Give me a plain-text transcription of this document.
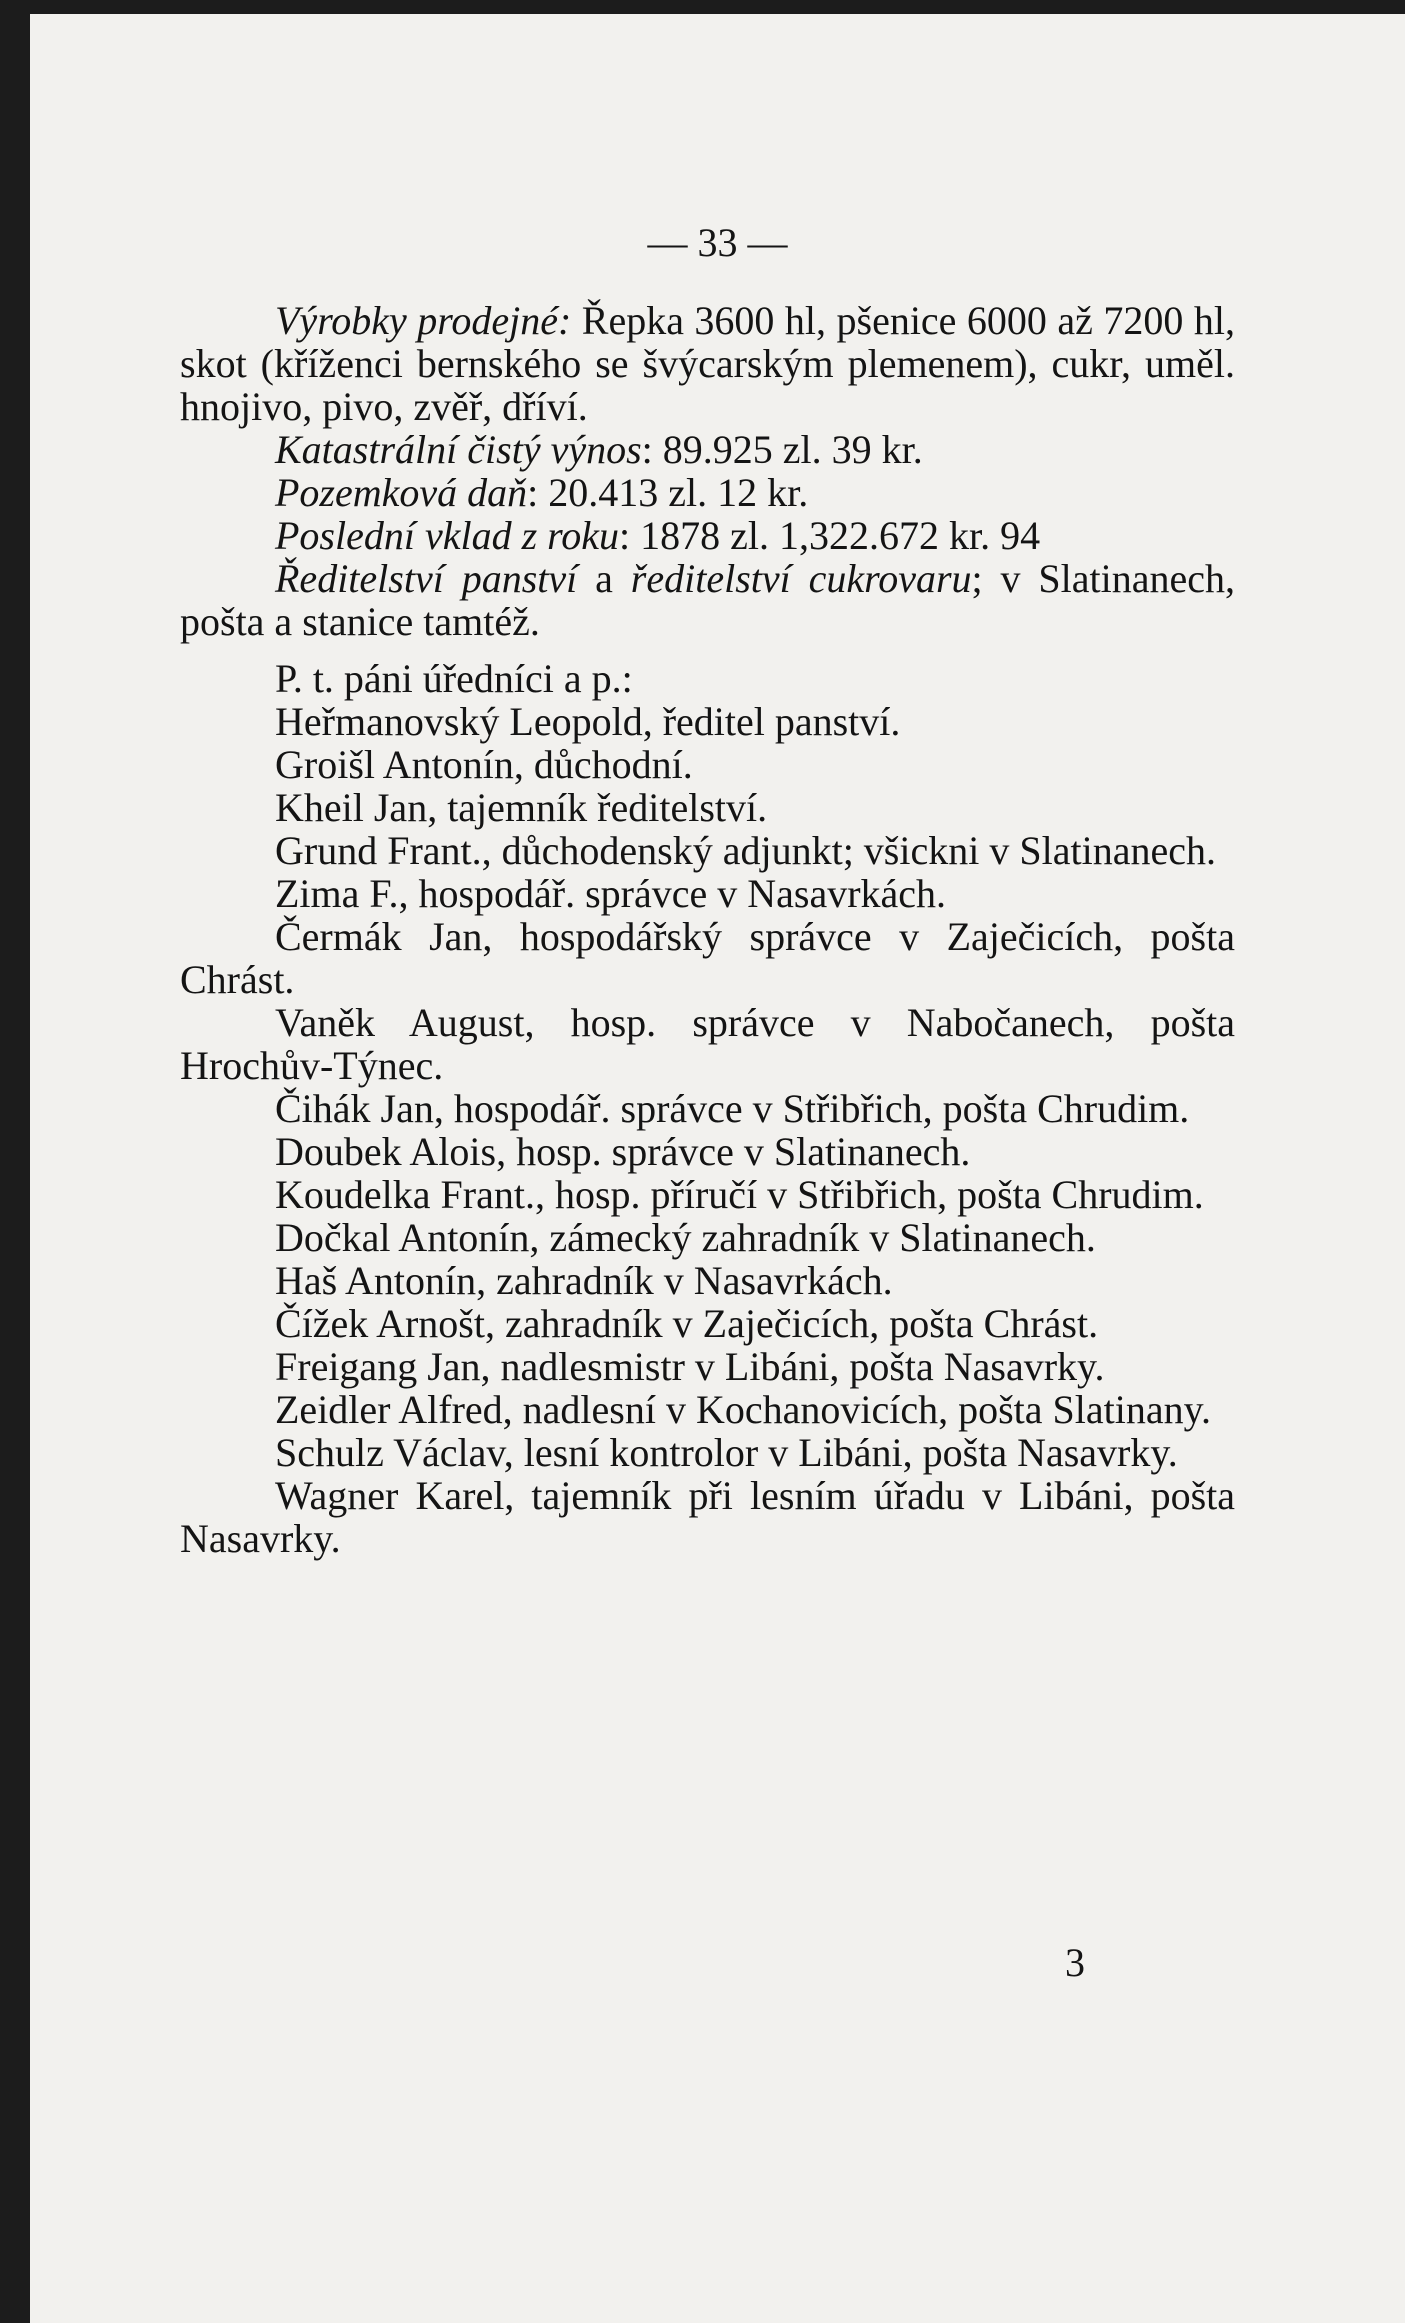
— 33 —

Výrobky prodejné: Řepka 3600 hl, pšenice 6000 až 7200 hl, skot (kříženci bernského se švýcarským plemenem), cukr, uměl. hnojivo, pivo, zvěř, dříví.

Katastrální čistý výnos: 89.925 zl. 39 kr.

Pozemková daň: 20.413 zl. 12 kr.

Poslední vklad z roku: 1878 zl. 1,322.672 kr. 94

Ředitelství panství a ředitelství cukrovaru; v Slatinanech, pošta a stanice tamtéž.

P. t. páni úředníci a p.:

Heřmanovský Leopold, ředitel panství.

Groišl Antonín, důchodní.

Kheil Jan, tajemník ředitelství.

Grund Frant., důchodenský adjunkt; všickni v Slatinanech.

Zima F., hospodář. správce v Nasavrkách.

Čermák Jan, hospodářský správce v Zaječicích, pošta Chrást.

Vaněk August, hosp. správce v Nabočanech, pošta Hrochův-Týnec.

Čihák Jan, hospodář. správce v Střibřich, pošta Chrudim.

Doubek Alois, hosp. správce v Slatinanech.

Koudelka Frant., hosp. příručí v Střibřich, pošta Chrudim.

Dočkal Antonín, zámecký zahradník v Slatinanech.

Haš Antonín, zahradník v Nasavrkách.

Čížek Arnošt, zahradník v Zaječicích, pošta Chrást.

Freigang Jan, nadlesmistr v Libáni, pošta Nasavrky.

Zeidler Alfred, nadlesní v Kochanovicích, pošta Slatinany.

Schulz Václav, lesní kontrolor v Libáni, pošta Nasavrky.

Wagner Karel, tajemník při lesním úřadu v Libáni, pošta Nasavrky.

3
